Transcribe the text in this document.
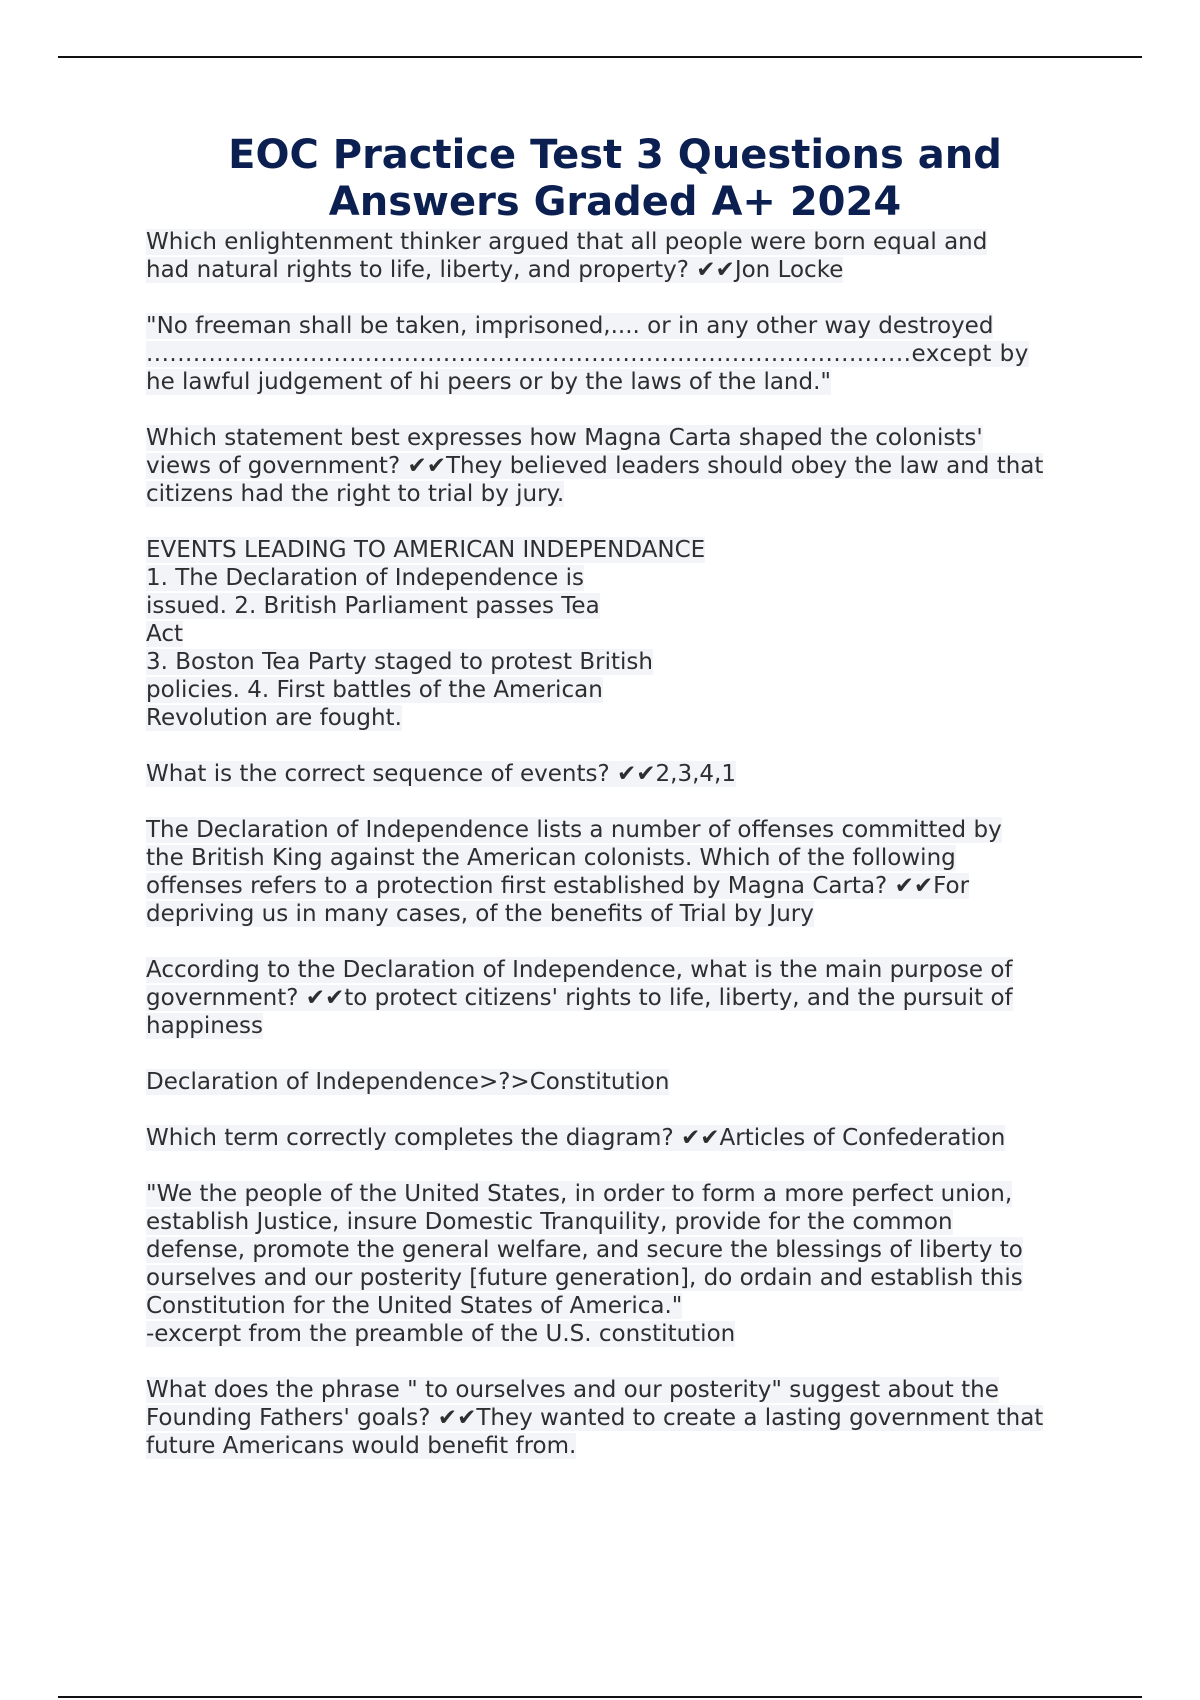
EOC Practice Test 3 Questions and
Answers Graded A+ 2024

Which enlightenment thinker argued that all people were born equal and
had natural rights to life, liberty, and property? ✔✔Jon Locke

"No freeman shall be taken, imprisoned,.... or in any other way destroyed
..................................................................................................except by
he lawful judgement of hi peers or by the laws of the land."

Which statement best expresses how Magna Carta shaped the colonists'
views of government? ✔✔They believed leaders should obey the law and that
citizens had the right to trial by jury.

EVENTS LEADING TO AMERICAN INDEPENDANCE
1. The Declaration of Independence is
issued. 2. British Parliament passes Tea
Act
3. Boston Tea Party staged to protest British
policies. 4. First battles of the American
Revolution are fought.

What is the correct sequence of events? ✔✔2,3,4,1

The Declaration of Independence lists a number of offenses committed by
the British King against the American colonists. Which of the following
offenses refers to a protection first established by Magna Carta? ✔✔For
depriving us in many cases, of the benefits of Trial by Jury

According to the Declaration of Independence, what is the main purpose of
government? ✔✔to protect citizens' rights to life, liberty, and the pursuit of
happiness

Declaration of Independence>?>Constitution

Which term correctly completes the diagram? ✔✔Articles of Confederation

"We the people of the United States, in order to form a more perfect union,
establish Justice, insure Domestic Tranquility, provide for the common
defense, promote the general welfare, and secure the blessings of liberty to
ourselves and our posterity [future generation], do ordain and establish this
Constitution for the United States of America."
-excerpt from the preamble of the U.S. constitution

What does the phrase " to ourselves and our posterity" suggest about the
Founding Fathers' goals? ✔✔They wanted to create a lasting government that
future Americans would benefit from.
